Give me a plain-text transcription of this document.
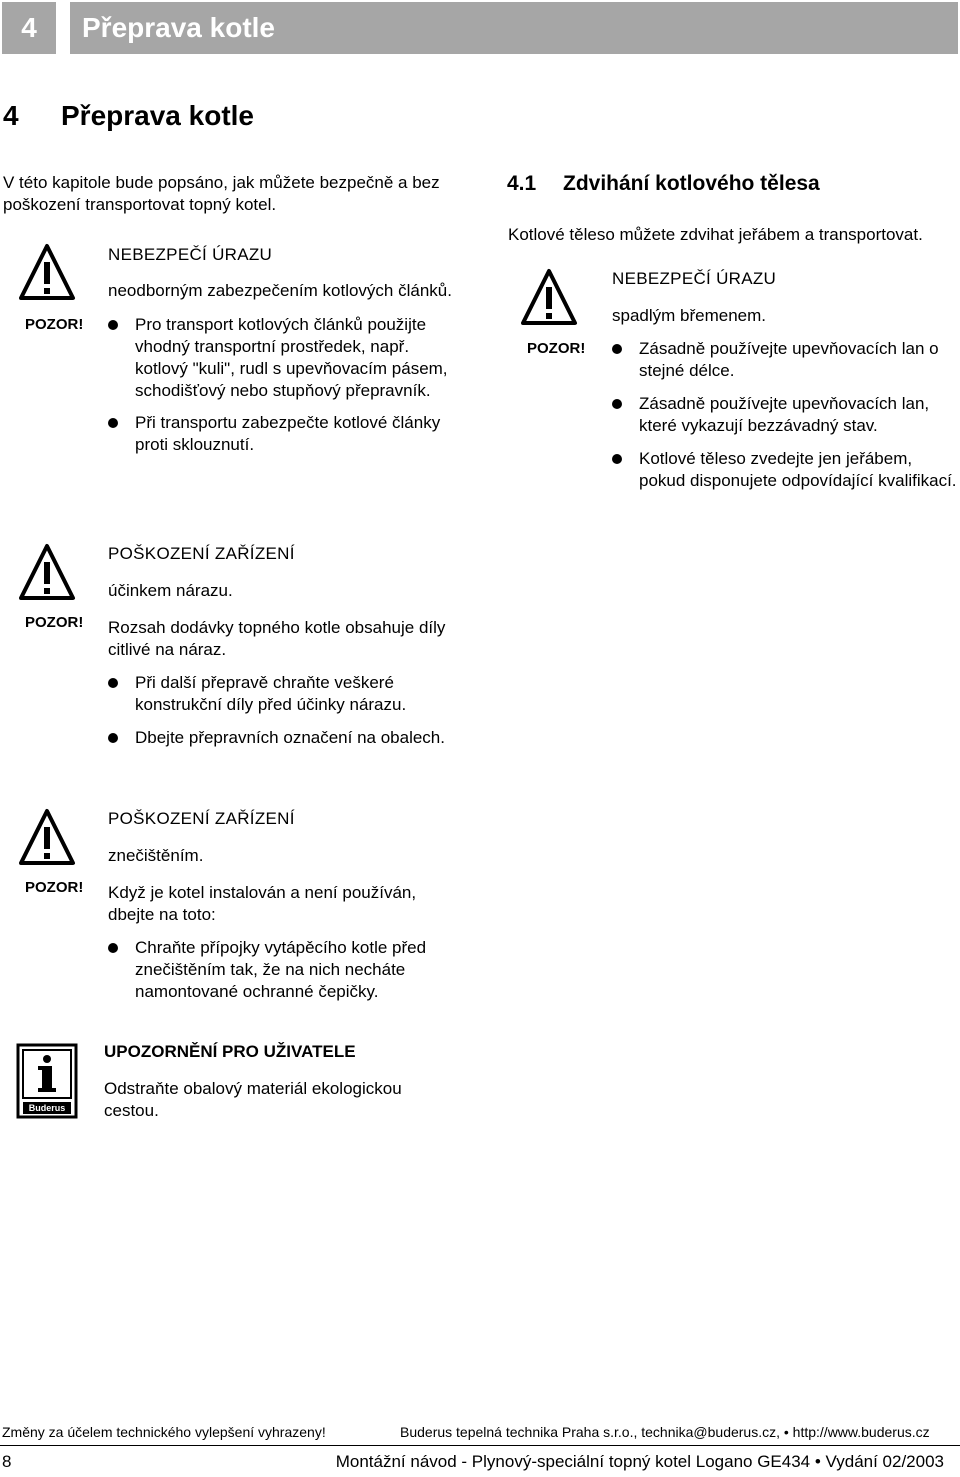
4	Přeprava kotle
4 Přeprava kotle
V této kapitole bude popsáno, jak můžete bezpečně a bez poškození transportovat topný kotel.
POZOR!
NEBEZPEČÍ ÚRAZU
neodborným zabezpečením kotlových článků.
Pro transport kotlových článků použijte vhodný transportní prostředek, např. kotlový "kuli", rudl s upevňovacím pásem, schodišťový nebo stupňový přepravník.
Při transportu zabezpečte kotlové články proti sklouznutí.
POZOR!
POŠKOZENÍ ZAŘÍZENÍ
účinkem nárazu.
Rozsah dodávky topného kotle obsahuje díly citlivé na náraz.
Při další přepravě chraňte veškeré konstrukční díly před účinky nárazu.
Dbejte přepravních označení na obalech.
POZOR!
POŠKOZENÍ ZAŘÍZENÍ
znečištěním.
Když je kotel instalován a není používán, dbejte na toto:
Chraňte přípojky vytápěcího kotle před znečištěním tak, že na nich necháte namontované ochranné čepičky.
Buderus
UPOZORNĚNÍ PRO UŽIVATELE
Odstraňte obalový materiál ekologickou cestou.
4.1 Zdvihání kotlového tělesa
Kotlové těleso můžete zdvihat jeřábem a transportovat.
POZOR!
NEBEZPEČÍ ÚRAZU
spadlým břemenem.
Zásadně používejte upevňovacích lan o stejné délce.
Zásadně používejte upevňovacích lan, které vykazují bezzávadný stav.
Kotlové těleso zvedejte jen jeřábem, pokud disponujete odpovídající kvalifikací.
Změny za účelem technického vylepšení vyhrazeny!	Buderus tepelná technika Praha s.r.o., technika@buderus.cz, • http://www.buderus.cz
8	Montážní návod - Plynový-speciální topný kotel Logano GE434 • Vydání 02/2003
